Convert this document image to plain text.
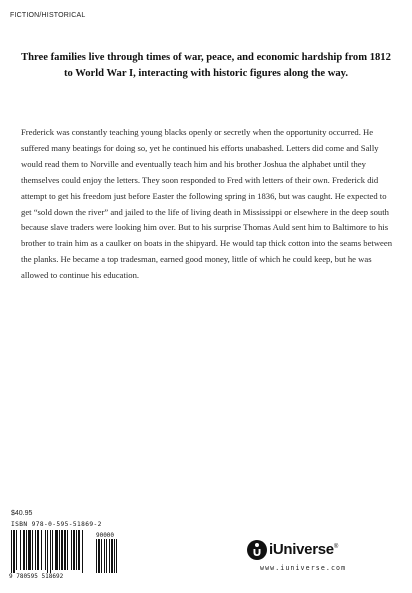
FICTION/HISTORICAL
Three families live through times of war, peace, and economic hardship from 1812 to World War I, interacting with historic figures along the way.
Frederick was constantly teaching young blacks openly or secretly when the opportunity occurred. He suffered many beatings for doing so, yet he continued his efforts unabashed. Letters did come and Sally would read them to Norville and eventually teach him and his brother Joshua the alphabet until they themselves could enjoy the letters. They soon responded to Fred with letters of their own. Frederick did attempt to get his freedom just before Easter the following spring in 1836, but was caught. He expected to get “sold down the river” and jailed to the life of living death in Mississippi or elsewhere in the deep south because slave traders were looking him over. But to his surprise Thomas Auld sent him to Baltimore to his brother to train him as a caulker on boats in the shipyard. He would tap thick cotton into the seams between the planks. He became a top tradesman, earned good money, little of which he could keep, but he was allowed to continue his education.
$40.95
ISBN 978-0-595-51869-2
90000
9 780595 518692
iUniverse®
www.iuniverse.com
